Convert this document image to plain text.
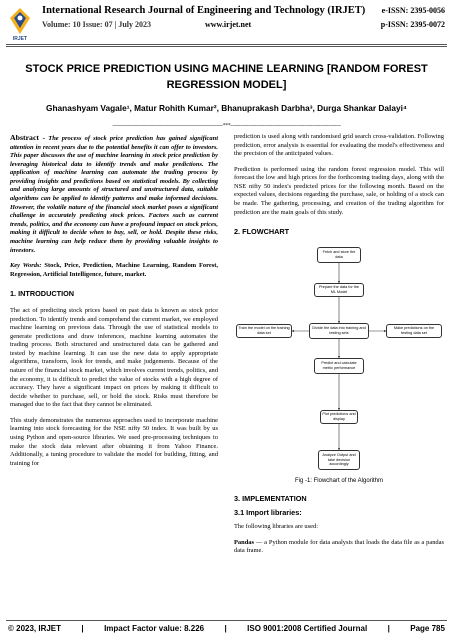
IRJET
International Research Journal of Engineering and Technology (IRJET) e-ISSN: 2395-0056
Volume: 10 Issue: 07 | July 2023	www.irjet.net	p-ISSN: 2395-0072
STOCK PRICE PREDICTION USING MACHINE LEARNING [RANDOM FOREST REGRESSION MODEL]
Ghanashyam Vagale¹, Matur Rohith Kumar², Bhanuprakash Darbha³, Durga Shankar Dalayi⁴
---------------------------------------------------------------------***---------------------------------------------------------------------

Abstract - The process of stock price prediction has gained significant attention in recent years due to the potential benefits it can offer to investors. This paper discusses the use of machine learning in stock price prediction by leveraging historical data to identify trends and make predictions. The application of machine learning can automate the trading process by providing insights and predictions based on statistical models. By collecting and analyzing large amounts of structured and unstructured data, suitable algorithms can be applied to identify patterns and make informed decisions. However, the volatile nature of the financial stock market poses a significant challenge in accurately predicting stock prices. Factors such as current trends, politics, and the economy can have a profound impact on stock prices, making it difficult to decide when to buy, sell, or hold. Despite these risks, machine learning can help reduce them by providing valuable insights to investors.

Key Words: Stock, Price, Prediction, Machine Learning, Random Forest, Regression, Artificial Intelligence, future, market.

1. INTRODUCTION

The act of predicting stock prices based on past data is known as stock price prediction. To identify trends and comprehend the current market, we employed machine learning on previous data. Through the use of statistical models to generate predictions and draw inferences, machine learning automates the trading process. Both structured and unstructured data can be gathered and tested by machine learning. It can use the new data to apply appropriate algorithms, transform, look for trends, and make judgements. Because of the nature of the financial stock market, which involves current trends, politics, and the economy, it is difficult to predict the value of stocks with a high degree of accuracy. They have a significant impact on prices by making it difficult to decide whether to purchase, sell, or hold the stock. Risks must therefore be managed due to the fact that they cannot be eliminated.

This study demonstrates the numerous approaches used to incorporate machine learning into stock forecasting for the NSE nifty 50 index. It was built by us using Python and open-source libraries. We used pre-processing techniques to make the stock data relevant after obtaining it from Yahoo Finance. Additionally, a tuning procedure to validate the model for building, fitting, and training for

prediction is used along with randomised grid search cross-validation. Following prediction, error analysis is essential for evaluating the model's effectiveness and the precision of the anticipated values.

Prediction is performed using the random forest regression model. This will forecast the low and high prices for the forthcoming trading days, along with the NSE nifty 50 index's predicted prices for the following month. Based on the expected values, decisions regarding the purchase, sale, or holding of a stock can be made. The gathering, processing, and creation of the trading algorithm for prediction are the main goals of this study.

2. FLOWCHART
Fetch and store the data
Prepare the data for the ML Model
Divide the data into training and testing sets
Train the model on the training data set
Make predictions on the testing data set
Predict and calculate metric performance
Plot predictions and display
Analyze Output and take decision accordingly
Fig -1: Flowchart of the Algorithm
3. IMPLEMENTATION
3.1 Import libraries:

The following libraries are used:

Pandas — a Python module for data analysis that loads the data file as a pandas data frame.

© 2023, IRJET	|	Impact Factor value: 8.226	|	ISO 9001:2008 Certified Journal	|	Page 785
